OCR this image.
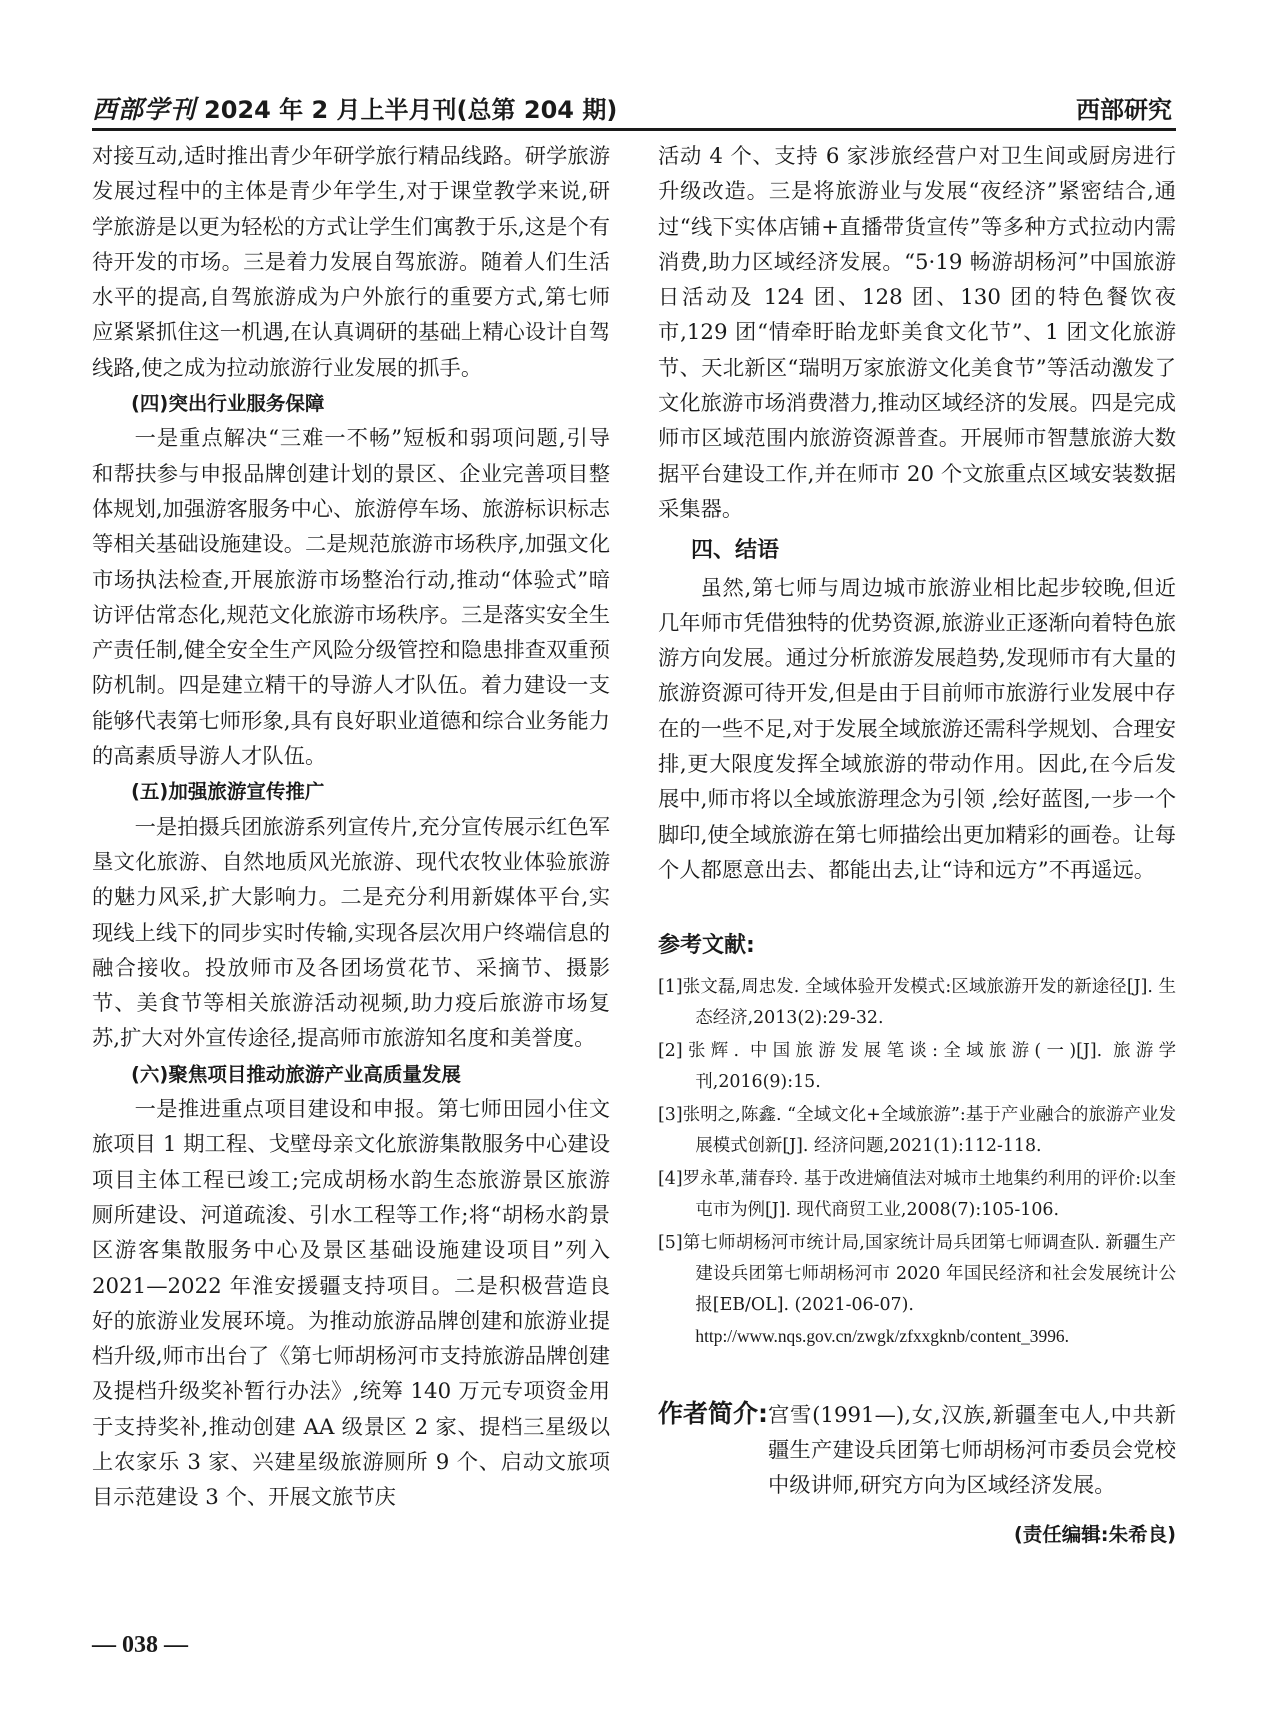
西部学刊 2024 年 2 月上半月刊(总第 204 期)	西部研究

对接互动,适时推出青少年研学旅行精品线路。研学旅游发展过程中的主体是青少年学生,对于课堂教学来说,研学旅游是以更为轻松的方式让学生们寓教于乐,这是个有待开发的市场。三是着力发展自驾旅游。随着人们生活水平的提高,自驾旅游成为户外旅行的重要方式,第七师应紧紧抓住这一机遇,在认真调研的基础上精心设计自驾线路,使之成为拉动旅游行业发展的抓手。

(四)突出行业服务保障

一是重点解决“三难一不畅”短板和弱项问题,引导和帮扶参与申报品牌创建计划的景区、企业完善项目整体规划,加强游客服务中心、旅游停车场、旅游标识标志等相关基础设施建设。二是规范旅游市场秩序,加强文化市场执法检查,开展旅游市场整治行动,推动“体验式”暗访评估常态化,规范文化旅游市场秩序。三是落实安全生产责任制,健全安全生产风险分级管控和隐患排查双重预防机制。四是建立精干的导游人才队伍。着力建设一支能够代表第七师形象,具有良好职业道德和综合业务能力的高素质导游人才队伍。

(五)加强旅游宣传推广

一是拍摄兵团旅游系列宣传片,充分宣传展示红色军垦文化旅游、自然地质风光旅游、现代农牧业体验旅游的魅力风采,扩大影响力。二是充分利用新媒体平台,实现线上线下的同步实时传输,实现各层次用户终端信息的融合接收。投放师市及各团场赏花节、采摘节、摄影节、美食节等相关旅游活动视频,助力疫后旅游市场复苏,扩大对外宣传途径,提高师市旅游知名度和美誉度。

(六)聚焦项目推动旅游产业高质量发展

一是推进重点项目建设和申报。第七师田园小住文旅项目 1 期工程、戈壁母亲文化旅游集散服务中心建设项目主体工程已竣工;完成胡杨水韵生态旅游景区旅游厕所建设、河道疏浚、引水工程等工作;将“胡杨水韵景区游客集散服务中心及景区基础设施建设项目”列入 2021—2022 年淮安援疆支持项目。二是积极营造良好的旅游业发展环境。为推动旅游品牌创建和旅游业提档升级,师市出台了《第七师胡杨河市支持旅游品牌创建及提档升级奖补暂行办法》,统筹 140 万元专项资金用于支持奖补,推动创建 AA 级景区 2 家、提档三星级以上农家乐 3 家、兴建星级旅游厕所 9 个、启动文旅项目示范建设 3 个、开展文旅节庆

活动 4 个、支持 6 家涉旅经营户对卫生间或厨房进行升级改造。三是将旅游业与发展“夜经济”紧密结合,通过“线下实体店铺+直播带货宣传”等多种方式拉动内需消费,助力区域经济发展。“5·19 畅游胡杨河”中国旅游日活动及 124 团、128 团、130 团的特色餐饮夜市,129 团“情牵盱眙龙虾美食文化节”、1 团文化旅游节、天北新区“瑞明万家旅游文化美食节”等活动激发了文化旅游市场消费潜力,推动区域经济的发展。四是完成师市区域范围内旅游资源普查。开展师市智慧旅游大数据平台建设工作,并在师市 20 个文旅重点区域安装数据采集器。

四、结语

虽然,第七师与周边城市旅游业相比起步较晚,但近几年师市凭借独特的优势资源,旅游业正逐渐向着特色旅游方向发展。通过分析旅游发展趋势,发现师市有大量的旅游资源可待开发,但是由于目前师市旅游行业发展中存在的一些不足,对于发展全域旅游还需科学规划、合理安排,更大限度发挥全域旅游的带动作用。因此,在今后发展中,师市将以全域旅游理念为引领 ,绘好蓝图,一步一个脚印,使全域旅游在第七师描绘出更加精彩的画卷。让每个人都愿意出去、都能出去,让“诗和远方”不再遥远。

参考文献:
[1]张文磊,周忠发. 全域体验开发模式:区域旅游开发的新途径[J]. 生态经济,2013(2):29-32.
[2]张辉. 中国旅游发展笔谈:全域旅游(一)[J]. 旅游学刊,2016(9):15.
[3]张明之,陈鑫. “全域文化+全域旅游”:基于产业融合的旅游产业发展模式创新[J]. 经济问题,2021(1):112-118.
[4]罗永革,蒲春玲. 基于改进熵值法对城市土地集约利用的评价:以奎屯市为例[J]. 现代商贸工业,2008(7):105-106.
[5]第七师胡杨河市统计局,国家统计局兵团第七师调查队. 新疆生产建设兵团第七师胡杨河市 2020 年国民经济和社会发展统计公报[EB/OL]. (2021-06-07).
http://www.nqs.gov.cn/zwgk/zfxxgknb/content_3996.
作者简介: 宫雪(1991—),女,汉族,新疆奎屯人,中共新疆生产建设兵团第七师胡杨河市委员会党校中级讲师,研究方向为区域经济发展。
(责任编辑:朱希良)
— 038 —
